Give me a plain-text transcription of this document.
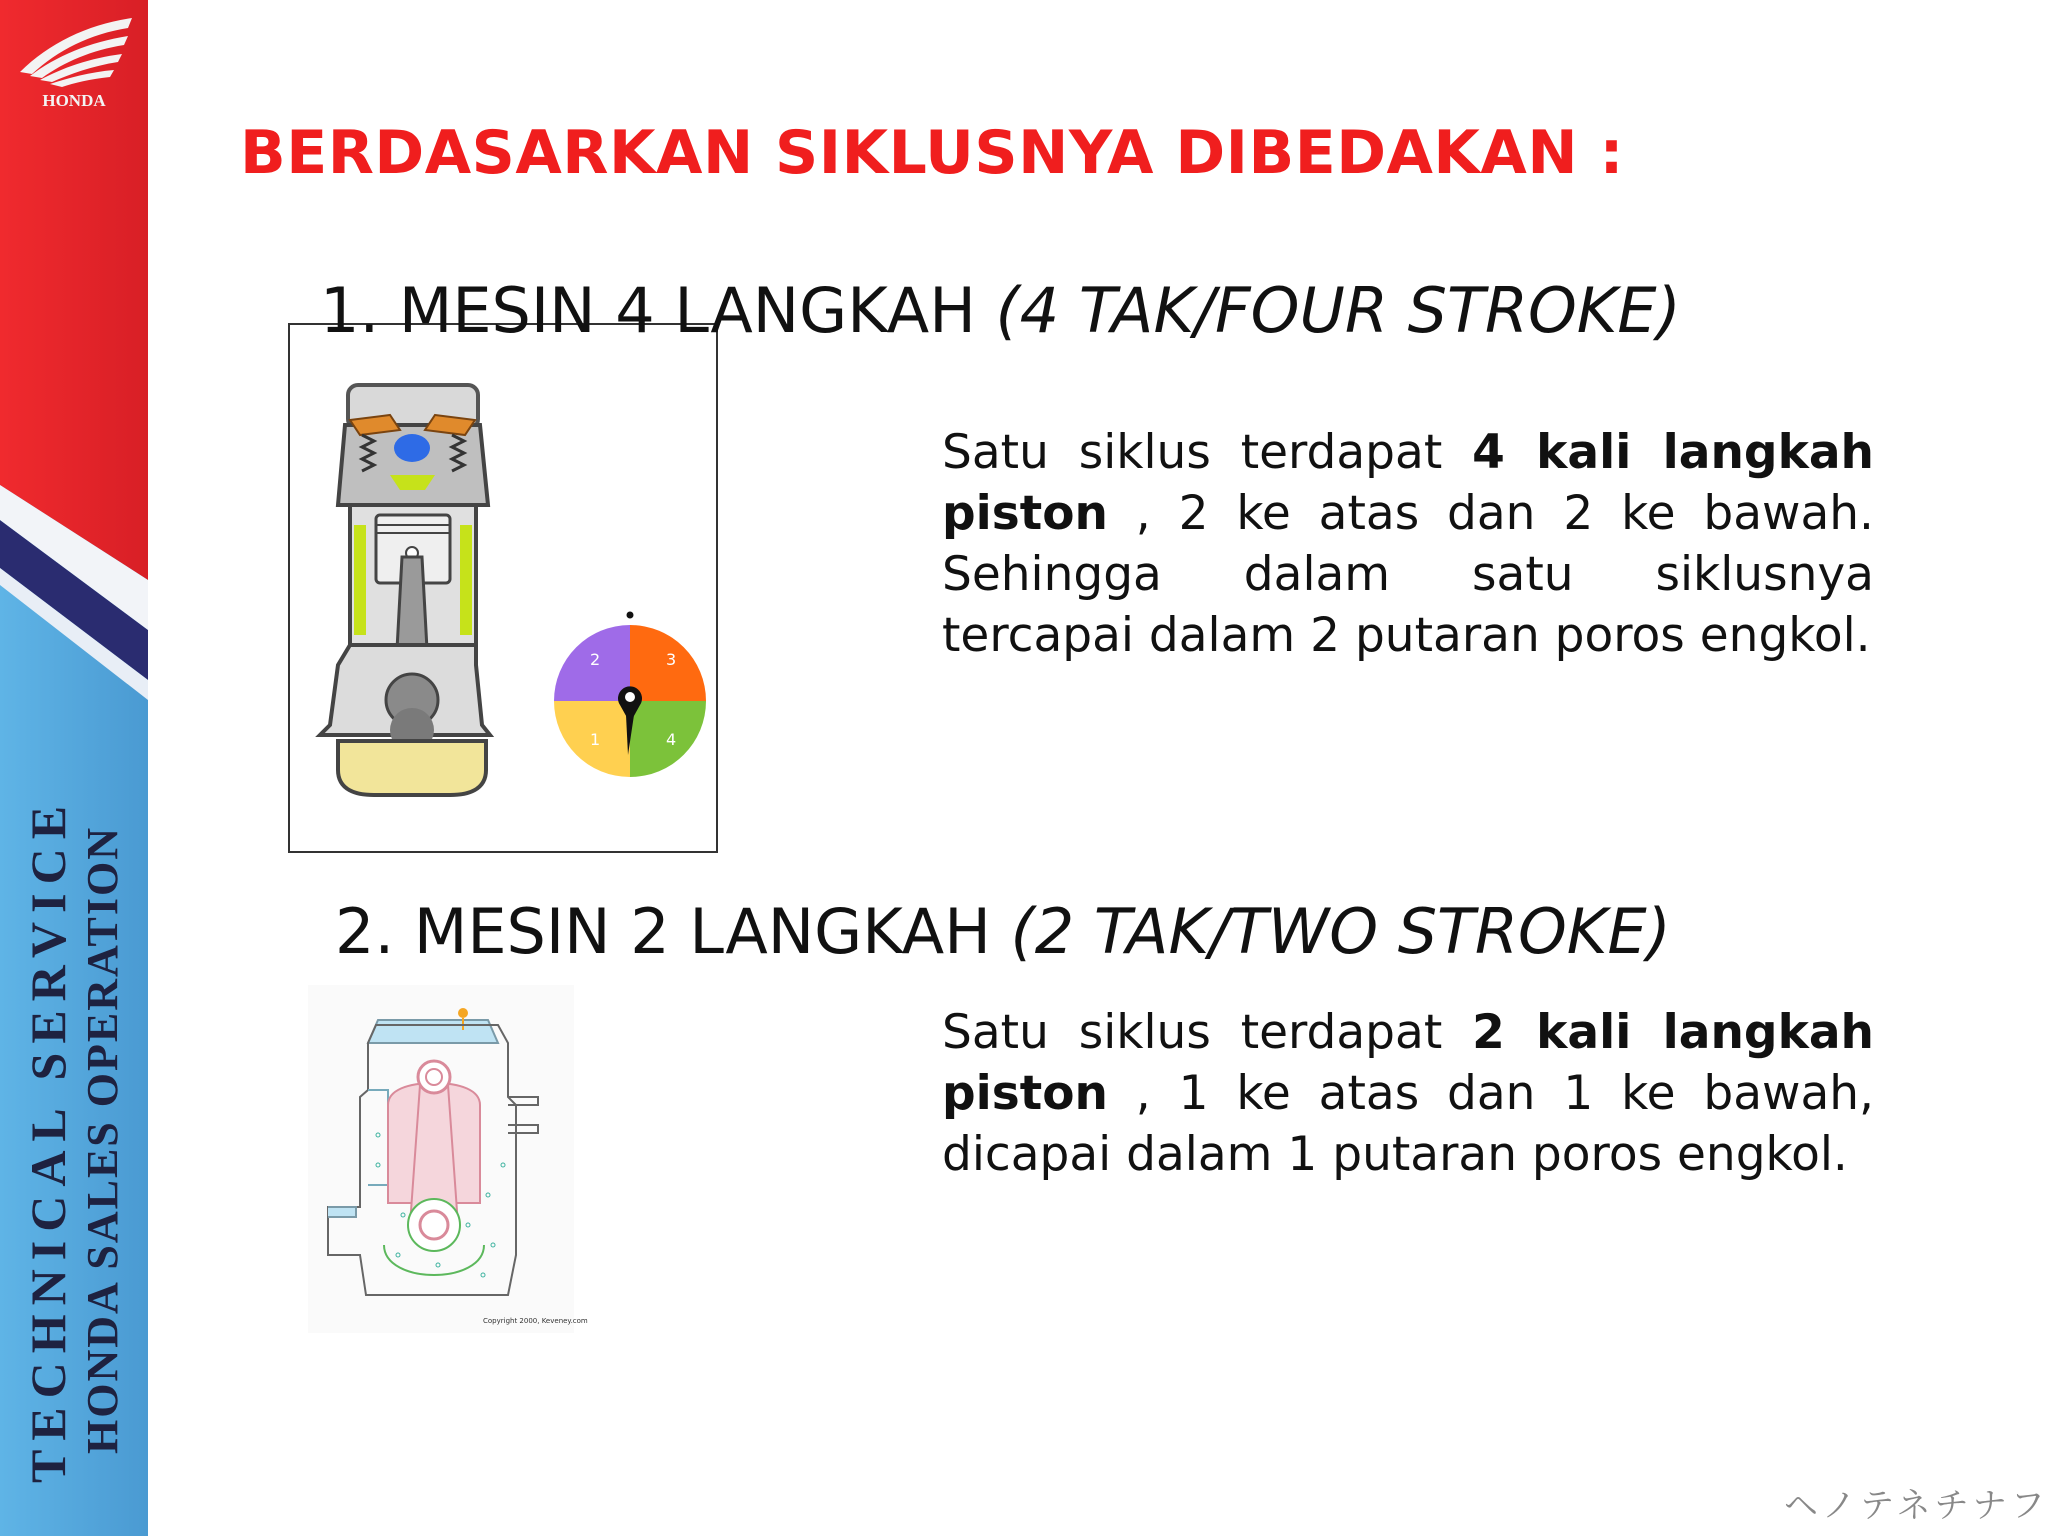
HONDA
TECHNICAL SERVICE HONDA SALES OPERATION
BERDASARKAN SIKLUSNYA DIBEDAKAN :
2	3
1	4
1. MESIN 4 LANGKAH (4 TAK/FOUR STROKE)

Satu siklus terdapat 4 kali langkah piston , 2 ke atas dan 2 ke bawah. Sehingga dalam satu siklusnya tercapai dalam 2 putaran poros engkol.

2. MESIN 2 LANGKAH (2 TAK/TWO STROKE)

Satu siklus terdapat 2 kali langkah piston , 1 ke atas dan 1 ke bawah, dicapai dalam 1 putaran poros engkol.

Copyright 2000, Keveney.com
ヘノテネチナフ
